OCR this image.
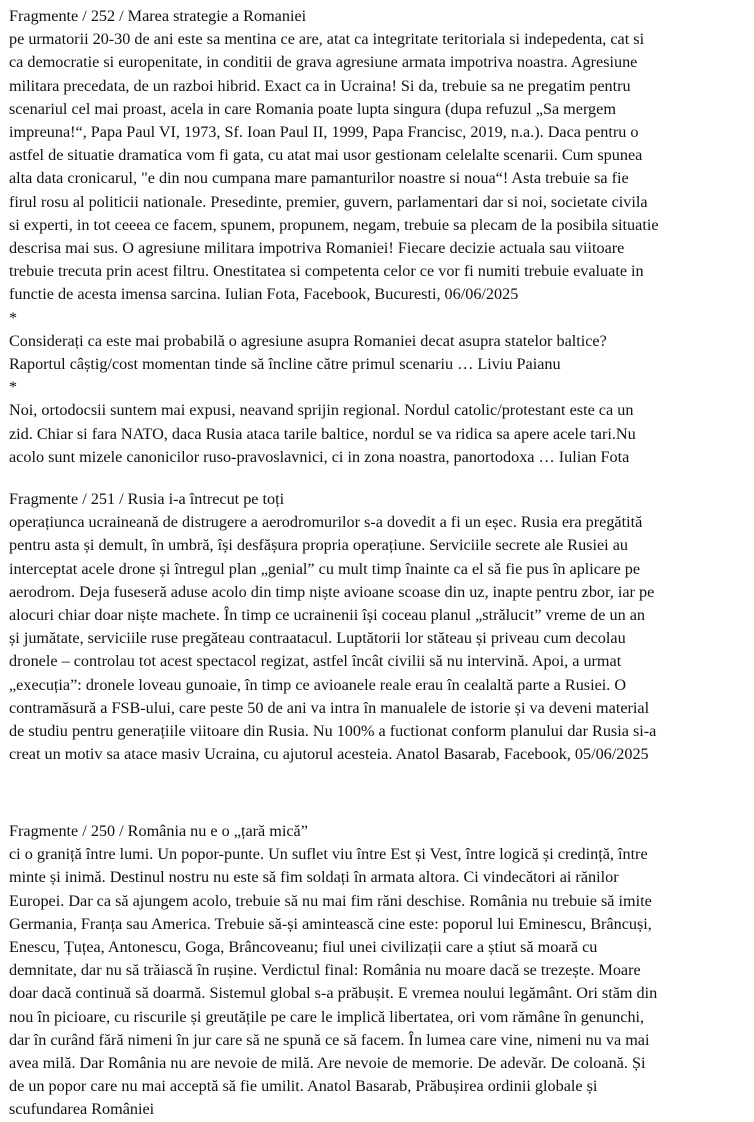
Fragmente / 252 / Marea strategie a Romaniei

pe urmatorii 20-30 de ani este sa mentina ce are, atat ca integritate teritoriala si indepedenta, cat si

ca democratie si europenitate, in conditii de grava agresiune armata impotriva noastra. Agresiune

militara precedata, de un razboi hibrid. Exact ca in Ucraina! Si da, trebuie sa ne pregatim pentru

scenariul cel mai proast, acela in care Romania poate lupta singura (dupa refuzul „Sa mergem

impreuna!“, Papa Paul VI, 1973, Sf. Ioan Paul II, 1999, Papa Francisc, 2019, n.a.). Daca pentru o

astfel de situatie dramatica vom fi gata, cu atat mai usor gestionam celelalte scenarii. Cum spunea

alta data cronicarul, "e din nou cumpana mare pamanturilor noastre si noua“! Asta trebuie sa fie

firul rosu al politicii nationale. Presedinte, premier, guvern, parlamentari dar si noi, societate civila

si experti, in tot ceeea ce facem, spunem, propunem, negam, trebuie sa plecam de la posibila situatie

descrisa mai sus. O agresiune militara impotriva Romaniei! Fiecare decizie actuala sau viitoare

trebuie trecuta prin acest filtru. Onestitatea si competenta celor ce vor fi numiti trebuie evaluate in

functie de acesta imensa sarcina. Iulian Fota, Facebook, Bucuresti, 06/06/2025

*

Considerați ca este mai probabilă o agresiune asupra Romaniei decat asupra statelor baltice?

Raportul câștig/cost momentan tinde să încline către primul scenariu … Liviu Paianu

*

Noi, ortodocsii suntem mai expusi, neavand sprijin regional. Nordul catolic/protestant este ca un

zid. Chiar si fara NATO, daca Rusia ataca tarile baltice, nordul se va ridica sa apere acele tari.Nu

acolo sunt mizele canonicilor ruso-pravoslavnici, ci in zona noastra, panortodoxa … Iulian Fota

Fragmente / 251 / Rusia i-a întrecut pe toți

operațiunca ucraineană de distrugere a aerodromurilor s-a dovedit a fi un eșec. Rusia era pregătită

pentru asta și demult, în umbră, își desfășura propria operațiune. Serviciile secrete ale Rusiei au

interceptat acele drone și întregul plan „genial” cu mult timp înainte ca el să fie pus în aplicare pe

aerodrom. Deja fuseseră aduse acolo din timp niște avioane scoase din uz, inapte pentru zbor, iar pe

alocuri chiar doar niște machete. În timp ce ucrainenii își coceau planul „strălucit” vreme de un an

și jumătate, serviciile ruse pregăteau contraatacul. Luptătorii lor stăteau și priveau cum decolau

dronele – controlau tot acest spectacol regizat, astfel încât civilii să nu intervină. Apoi, a urmat

„execuția”: dronele loveau gunoaie, în timp ce avioanele reale erau în cealaltă parte a Rusiei. O

contramăsură a FSB-ului, care peste 50 de ani va intra în manualele de istorie și va deveni material

de studiu pentru generațiile viitoare din Rusia. Nu 100% a fuctionat conform planului dar Rusia si-a

creat un motiv sa atace masiv Ucraina, cu ajutorul acesteia. Anatol Basarab, Facebook, 05/06/2025

Fragmente / 250 / România nu e o „țară mică”

ci o graniță între lumi. Un popor-punte. Un suflet viu între Est și Vest, între logică și credință, între

minte și inimă. Destinul nostru nu este să fim soldați în armata altora. Ci vindecători ai rănilor

Europei. Dar ca să ajungem acolo, trebuie să nu mai fim răni deschise. România nu trebuie să imite

Germania, Franța sau America. Trebuie să-și amintească cine este: poporul lui Eminescu, Brâncuși,

Enescu, Țuțea, Antonescu, Goga, Brâncoveanu; fiul unei civilizații care a știut să moară cu

demnitate, dar nu să trăiască în rușine. Verdictul final: România nu moare dacă se trezește. Moare

doar dacă continuă să doarmă. Sistemul global s-a prăbușit. E vremea noului legământ. Ori stăm din

nou în picioare, cu riscurile și greutățile pe care le implică libertatea, ori vom rămâne în genunchi,

dar în curând fără nimeni în jur care să ne spună ce să facem. În lumea care vine, nimeni nu va mai

avea milă. Dar România nu are nevoie de milă. Are nevoie de memorie. De adevăr. De coloană. Și

de un popor care nu mai acceptă să fie umilit. Anatol Basarab, Prăbușirea ordinii globale și

scufundarea României
